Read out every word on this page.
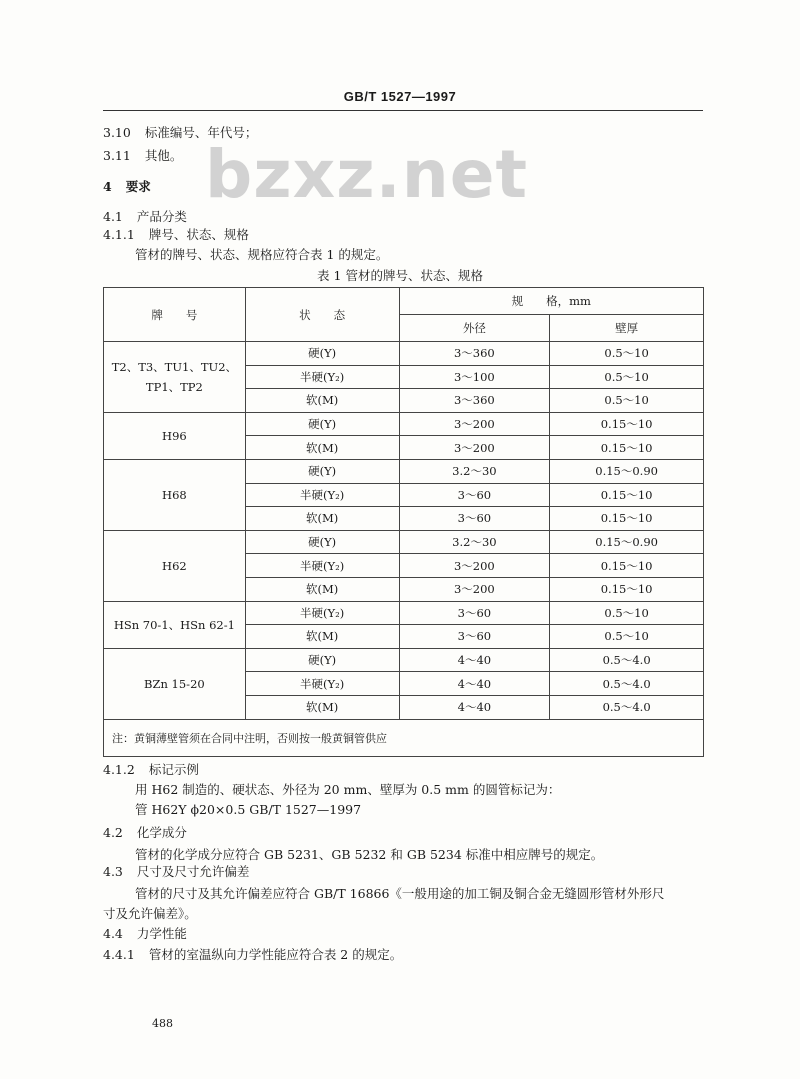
GB/T 1527—1997
bzxz.net
3.10 标准编号、年代号；
3.11 其他。
4 要求
4.1 产品分类
4.1.1 牌号、状态、规格
管材的牌号、状态、规格应符合表 1 的规定。
表 1 管材的牌号、状态、规格
牌　　号	状　　态	规　　格，mm	
		外径	壁厚
T2、T3、TU1、TU2、TP1、TP2	硬(Y)	3～360	0.5～10
	半硬(Y₂)	3～100	0.5～10
	软(M)	3～360	0.5～10
H96	硬(Y)	3～200	0.15～10
	软(M)	3～200	0.15～10
H68	硬(Y)	3.2～30	0.15～0.90
	半硬(Y₂)	3～60	0.15～10
	软(M)	3～60	0.15～10
H62	硬(Y)	3.2～30	0.15～0.90
	半硬(Y₂)	3～200	0.15～10
	软(M)	3～200	0.15～10
HSn 70-1、HSn 62-1	半硬(Y₂)	3～60	0.5～10
	软(M)	3～60	0.5～10
BZn 15-20	硬(Y)	4～40	0.5～4.0
	半硬(Y₂)	4～40	0.5～4.0
	软(M)	4～40	0.5～4.0
注：黄铜薄壁管须在合同中注明，否则按一般黄铜管供应			
4.1.2 标记示例
用 H62 制造的、硬状态、外径为 20 mm、壁厚为 0.5 mm 的圆管标记为：
管 H62Y ϕ20×0.5 GB/T 1527—1997
4.2 化学成分
管材的化学成分应符合 GB 5231、GB 5232 和 GB 5234 标准中相应牌号的规定。
4.3 尺寸及尺寸允许偏差
管材的尺寸及其允许偏差应符合 GB/T 16866《一般用途的加工铜及铜合金无缝圆形管材外形尺
寸及允许偏差》。
4.4 力学性能
4.4.1 管材的室温纵向力学性能应符合表 2 的规定。
488
